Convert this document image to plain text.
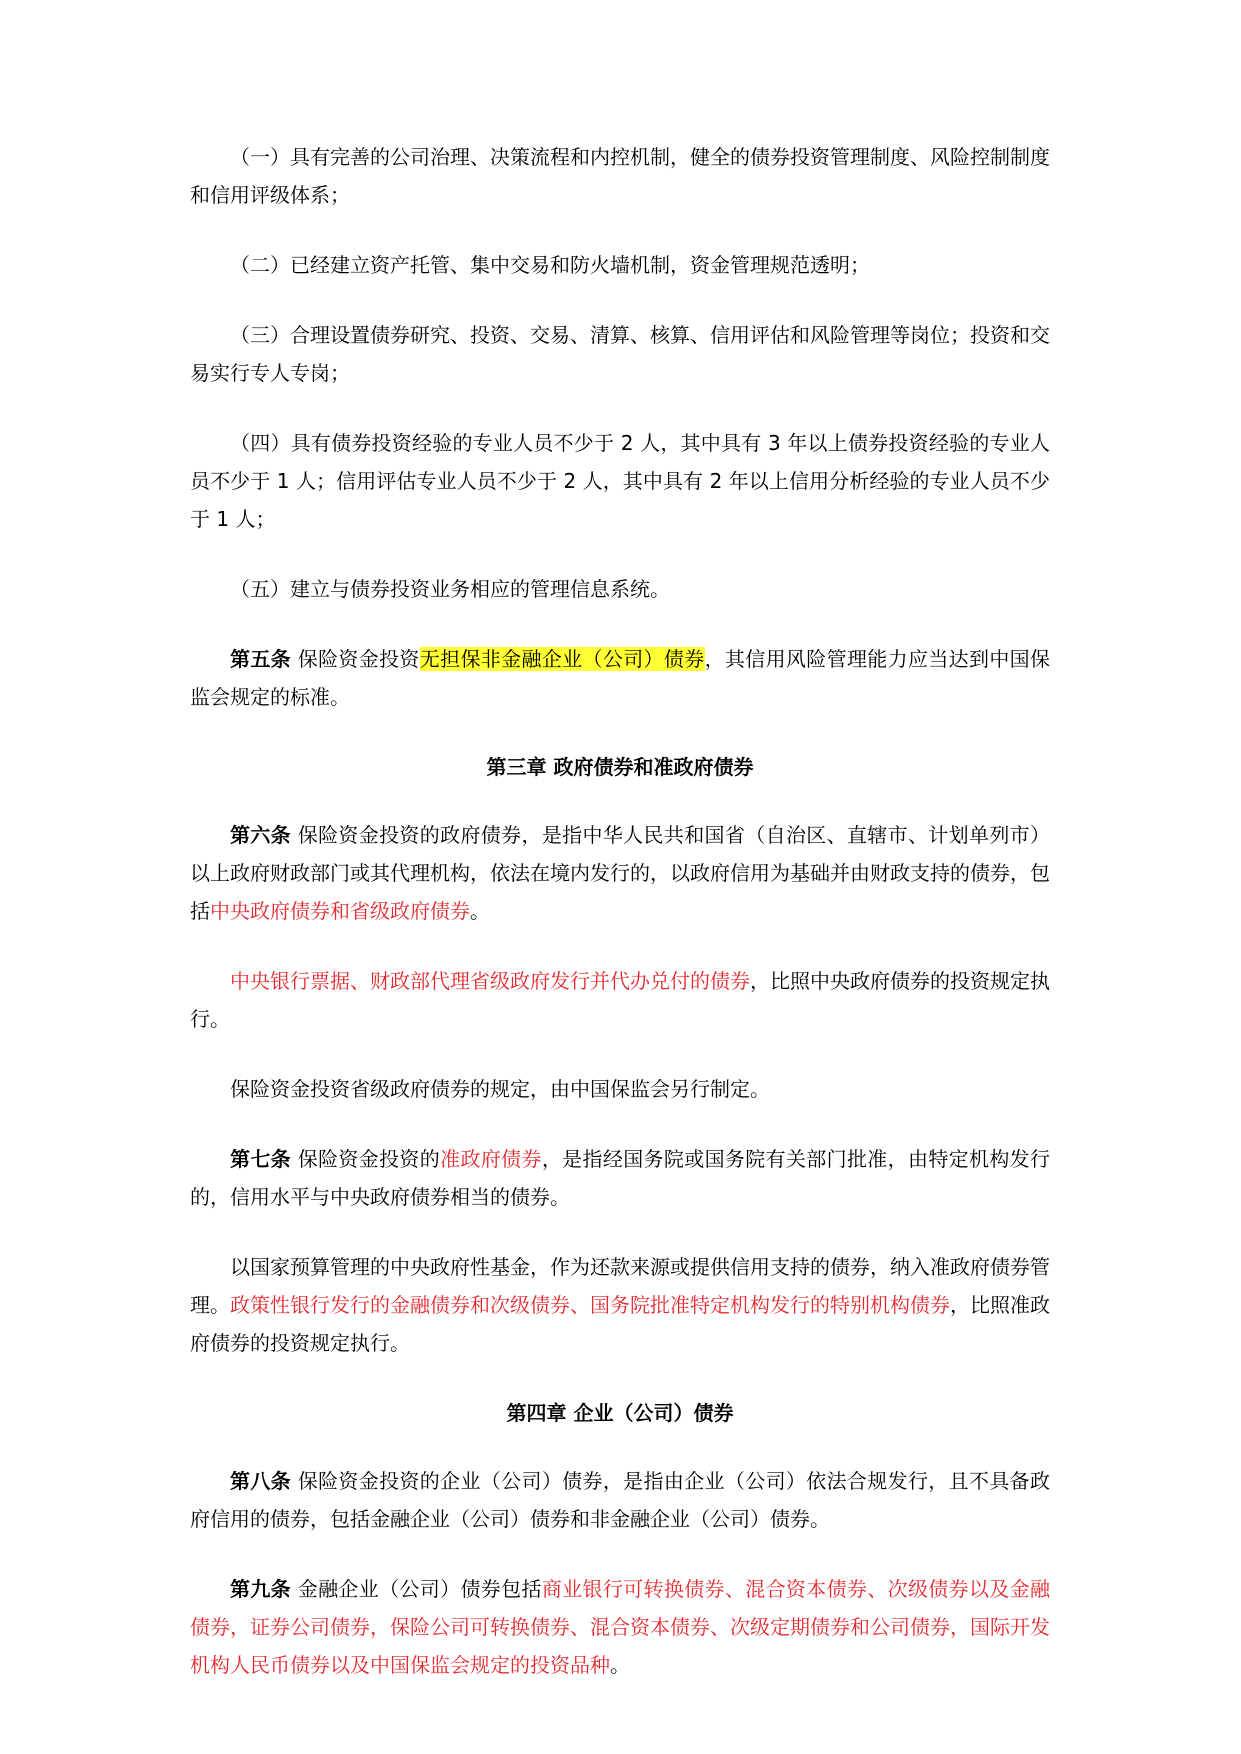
（一）具有完善的公司治理、决策流程和内控机制，健全的债券投资管理制度、风险控制制度和信用评级体系；

（二）已经建立资产托管、集中交易和防火墙机制，资金管理规范透明；

（三）合理设置债券研究、投资、交易、清算、核算、信用评估和风险管理等岗位；投资和交易实行专人专岗；

（四）具有债券投资经验的专业人员不少于 2 人，其中具有 3 年以上债券投资经验的专业人员不少于 1 人；信用评估专业人员不少于 2 人，其中具有 2 年以上信用分析经验的专业人员不少于 1 人；

（五）建立与债券投资业务相应的管理信息系统。

第五条 保险资金投资无担保非金融企业（公司）债券，其信用风险管理能力应当达到中国保监会规定的标准。

第三章 政府债券和准政府债券

第六条 保险资金投资的政府债券，是指中华人民共和国省（自治区、直辖市、计划单列市）以上政府财政部门或其代理机构，依法在境内发行的，以政府信用为基础并由财政支持的债券，包括中央政府债券和省级政府债券。

中央银行票据、财政部代理省级政府发行并代办兑付的债券，比照中央政府债券的投资规定执行。

保险资金投资省级政府债券的规定，由中国保监会另行制定。

第七条 保险资金投资的准政府债券，是指经国务院或国务院有关部门批准，由特定机构发行的，信用水平与中央政府债券相当的债券。

以国家预算管理的中央政府性基金，作为还款来源或提供信用支持的债券，纳入准政府债券管理。政策性银行发行的金融债券和次级债券、国务院批准特定机构发行的特别机构债券，比照准政府债券的投资规定执行。

第四章 企业（公司）债券

第八条 保险资金投资的企业（公司）债券，是指由企业（公司）依法合规发行，且不具备政府信用的债券，包括金融企业（公司）债券和非金融企业（公司）债券。

第九条 金融企业（公司）债券包括商业银行可转换债券、混合资本债券、次级债券以及金融债券，证券公司债券，保险公司可转换债券、混合资本债券、次级定期债券和公司债券，国际开发机构人民币债券以及中国保监会规定的投资品种。
